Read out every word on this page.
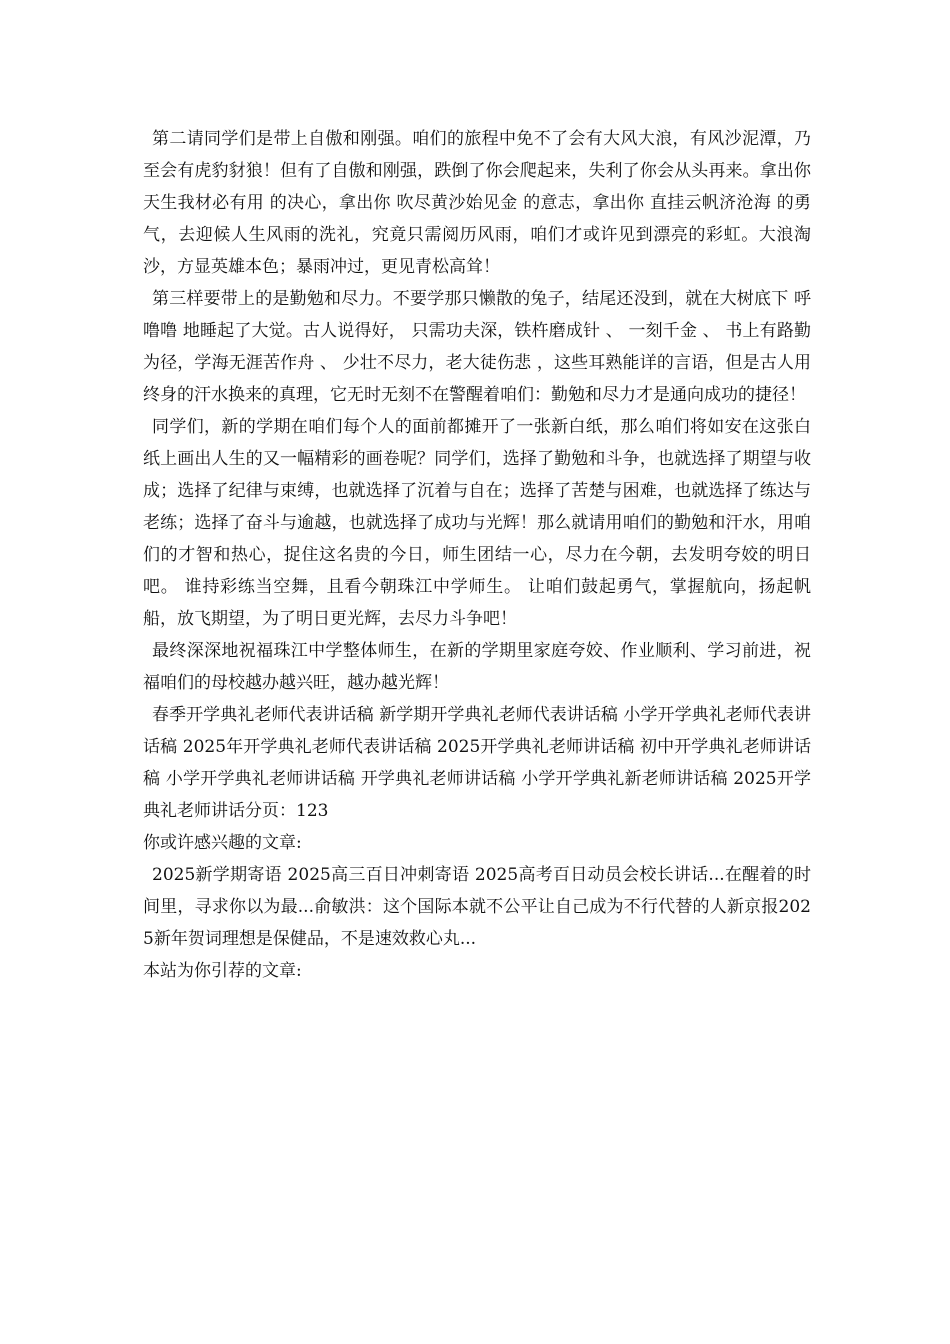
第二请同学们是带上自傲和刚强。咱们的旅程中免不了会有大风大浪，有风沙泥潭，乃至会有虎豹豺狼！但有了自傲和刚强，跌倒了你会爬起来，失利了你会从头再来。拿出你 天生我材必有用 的决心，拿出你 吹尽黄沙始见金 的意志，拿出你 直挂云帆济沧海 的勇气，去迎候人生风雨的洗礼，究竟只需阅历风雨，咱们才或许见到漂亮的彩虹。大浪淘沙，方显英雄本色；暴雨冲过，更见青松高耸！

第三样要带上的是勤勉和尽力。不要学那只懒散的兔子，结尾还没到，就在大树底下 呼噜噜 地睡起了大觉。古人说得好， 只需功夫深，铁杵磨成针 、 一刻千金 、 书上有路勤为径，学海无涯苦作舟 、 少壮不尽力，老大徒伤悲 ，这些耳熟能详的言语，但是古人用终身的汗水换来的真理，它无时无刻不在警醒着咱们：勤勉和尽力才是通向成功的捷径！

同学们，新的学期在咱们每个人的面前都摊开了一张新白纸，那么咱们将如安在这张白纸上画出人生的又一幅精彩的画卷呢？同学们，选择了勤勉和斗争，也就选择了期望与收成；选择了纪律与束缚，也就选择了沉着与自在；选择了苦楚与困难，也就选择了练达与老练；选择了奋斗与逾越，也就选择了成功与光辉！那么就请用咱们的勤勉和汗水，用咱们的才智和热心，捉住这名贵的今日，师生团结一心，尽力在今朝，去发明夸姣的明日吧。 谁持彩练当空舞，且看今朝珠江中学师生。 让咱们鼓起勇气，掌握航向，扬起帆船，放飞期望，为了明日更光辉，去尽力斗争吧！

最终深深地祝福珠江中学整体师生，在新的学期里家庭夸姣、作业顺利、学习前进，祝福咱们的母校越办越兴旺，越办越光辉！

春季开学典礼老师代表讲话稿 新学期开学典礼老师代表讲话稿 小学开学典礼老师代表讲话稿 2025年开学典礼老师代表讲话稿 2025开学典礼老师讲话稿 初中开学典礼老师讲话稿 小学开学典礼老师讲话稿 开学典礼老师讲话稿 小学开学典礼新老师讲话稿 2025开学典礼老师讲话分页：123

你或许感兴趣的文章:

2025新学期寄语 2025高三百日冲刺寄语 2025高考百日动员会校长讲话...在醒着的时间里，寻求你以为最...俞敏洪：这个国际本就不公平让自己成为不行代替的人新京报2025新年贺词理想是保健品，不是速效救心丸...

本站为你引荐的文章:
